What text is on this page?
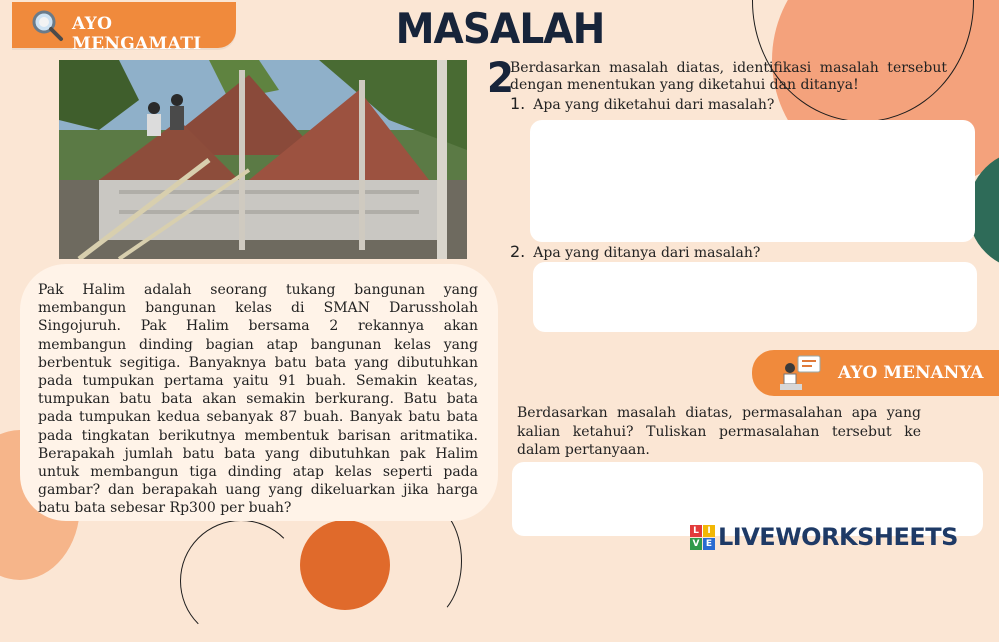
AYO MENGAMATI	MASALAH 2

Pak Halim adalah seorang tukang bangunan yang membangun bangunan kelas di SMAN Darussholah Singojuruh. Pak Halim bersama 2 rekannya akan membangun dinding bagian atap bangunan kelas yang berbentuk segitiga. Banyaknya batu bata yang dibutuhkan pada tumpukan pertama yaitu 91 buah. Semakin keatas, tumpukan batu bata akan semakin berkurang. Batu bata pada tumpukan kedua sebanyak 87 buah. Banyak batu bata pada tingkatan berikutnya membentuk barisan aritmatika. Berapakah jumlah batu bata yang dibutuhkan pak Halim untuk membangun tiga dinding atap kelas seperti pada gambar? dan berapakah uang yang dikeluarkan jika harga batu bata sebesar Rp300 per buah?

Berdasarkan masalah diatas, identifikasi masalah tersebut dengan menentukan yang diketahui dan ditanya!
1. Apa yang diketahui dari masalah?
2. Apa yang ditanya dari masalah?
AYO MENANYA
Berdasarkan masalah diatas, permasalahan apa yang kalian ketahui? Tuliskan permasalahan tersebut ke dalam pertanyaan.
L I
V E LIVEWORKSHEETS
